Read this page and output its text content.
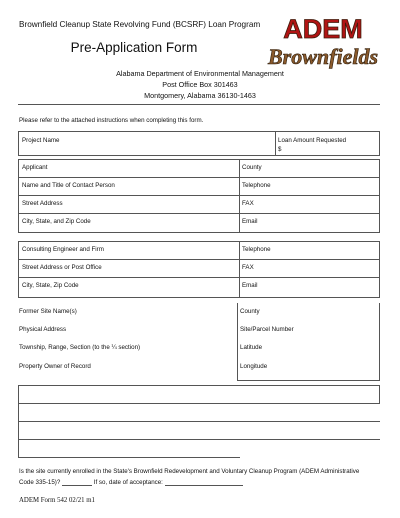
Brownfield Cleanup State Revolving Fund (BCSRF) Loan Program
Pre-Application Form
ADEM
Brownfields
Alabama Department of Environmental Management
Post Office Box 301463
Montgomery, Alabama 36130-1463
Please refer to the attached instructions when completing this form.
Project Name	Loan Amount Requested
$
Applicant	County
Name and Title of Contact Person	Telephone
Street Address	FAX
City, State, and Zip Code	Email
Consulting Engineer and Firm	Telephone
Street Address or Post Office	FAX
City, State, Zip Code	Email
Former Site Name(s)	County
Physical Address	Site/Parcel Number
Township, Range, Section (to the ¼ section)	Latitude
Property Owner of Record	Longitude
Is the site currently enrolled in the State's Brownfield Redevelopment and Voluntary Cleanup Program (ADEM Administrative
Code 335-15)?	If so, date of acceptance:
ADEM Form 542 02/21 m1
